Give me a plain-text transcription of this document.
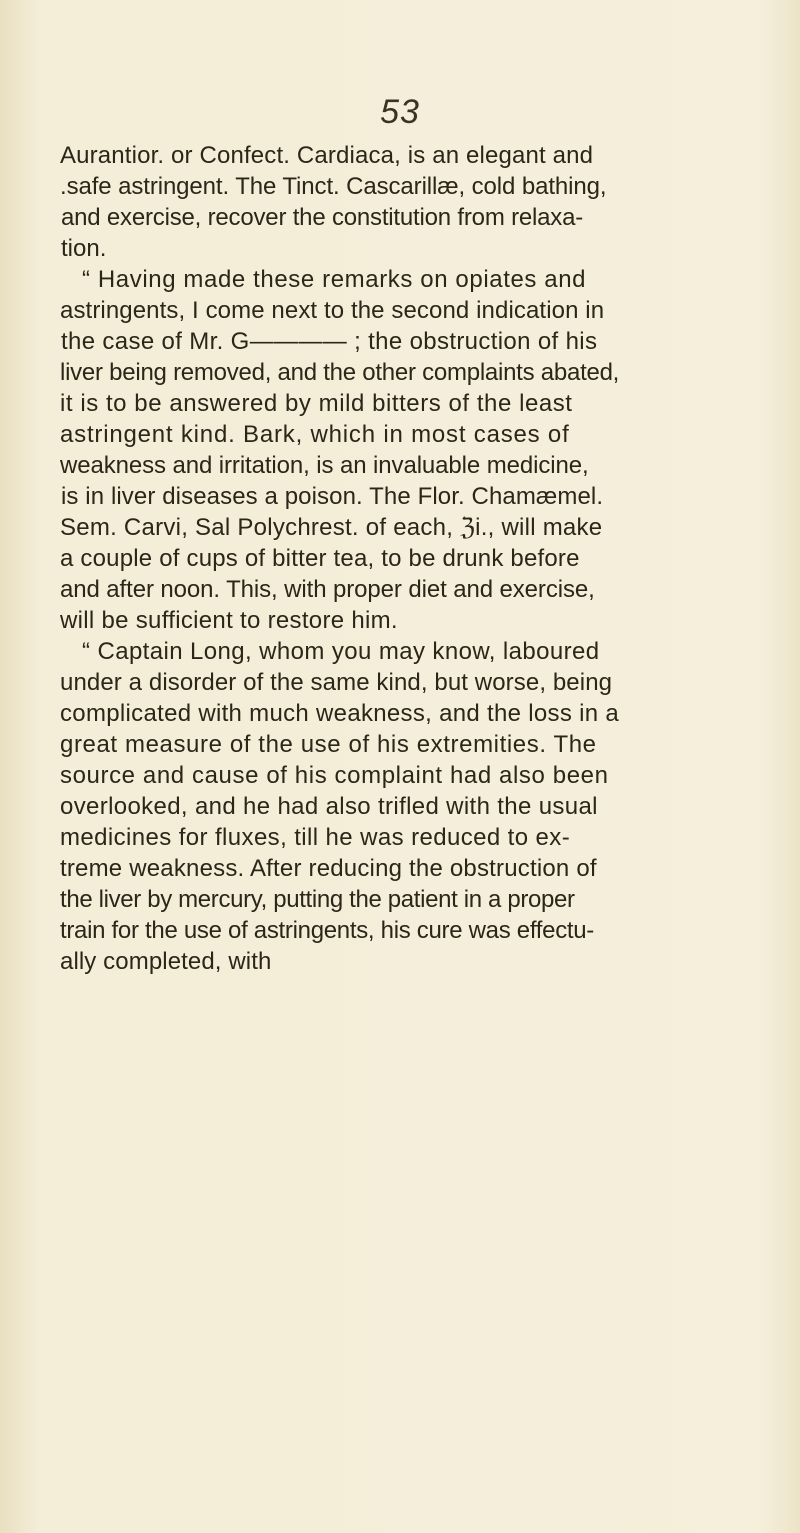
53
Aurantior. or Confect. Cardiaca, is an elegant and
.safe astringent. The Tinct. Cascarillæ, cold bathing,
and exercise, recover the constitution from relaxa-
tion.
“ Having made these remarks on opiates and
astringents, I come next to the second indication in
the case of Mr. G———— ; the obstruction of his
liver being removed, and the other complaints abated,
it is to be answered by mild bitters of the least
astringent kind. Bark, which in most cases of
weakness and irritation, is an invaluable medicine,
is in liver diseases a poison. The Flor. Chamæmel.
Sem. Carvi, Sal Polychrest. of each, ℨi., will make
a couple of cups of bitter tea, to be drunk before
and after noon. This, with proper diet and exercise,
will be sufficient to restore him.
“ Captain Long, whom you may know, laboured
under a disorder of the same kind, but worse, being
complicated with much weakness, and the loss in a
great measure of the use of his extremities. The
source and cause of his complaint had also been
overlooked, and he had also trifled with the usual
medicines for fluxes, till he was reduced to ex-
treme weakness. After reducing the obstruction of
the liver by mercury, putting the patient in a proper
train for the use of astringents, his cure was effectu-
ally completed, with
